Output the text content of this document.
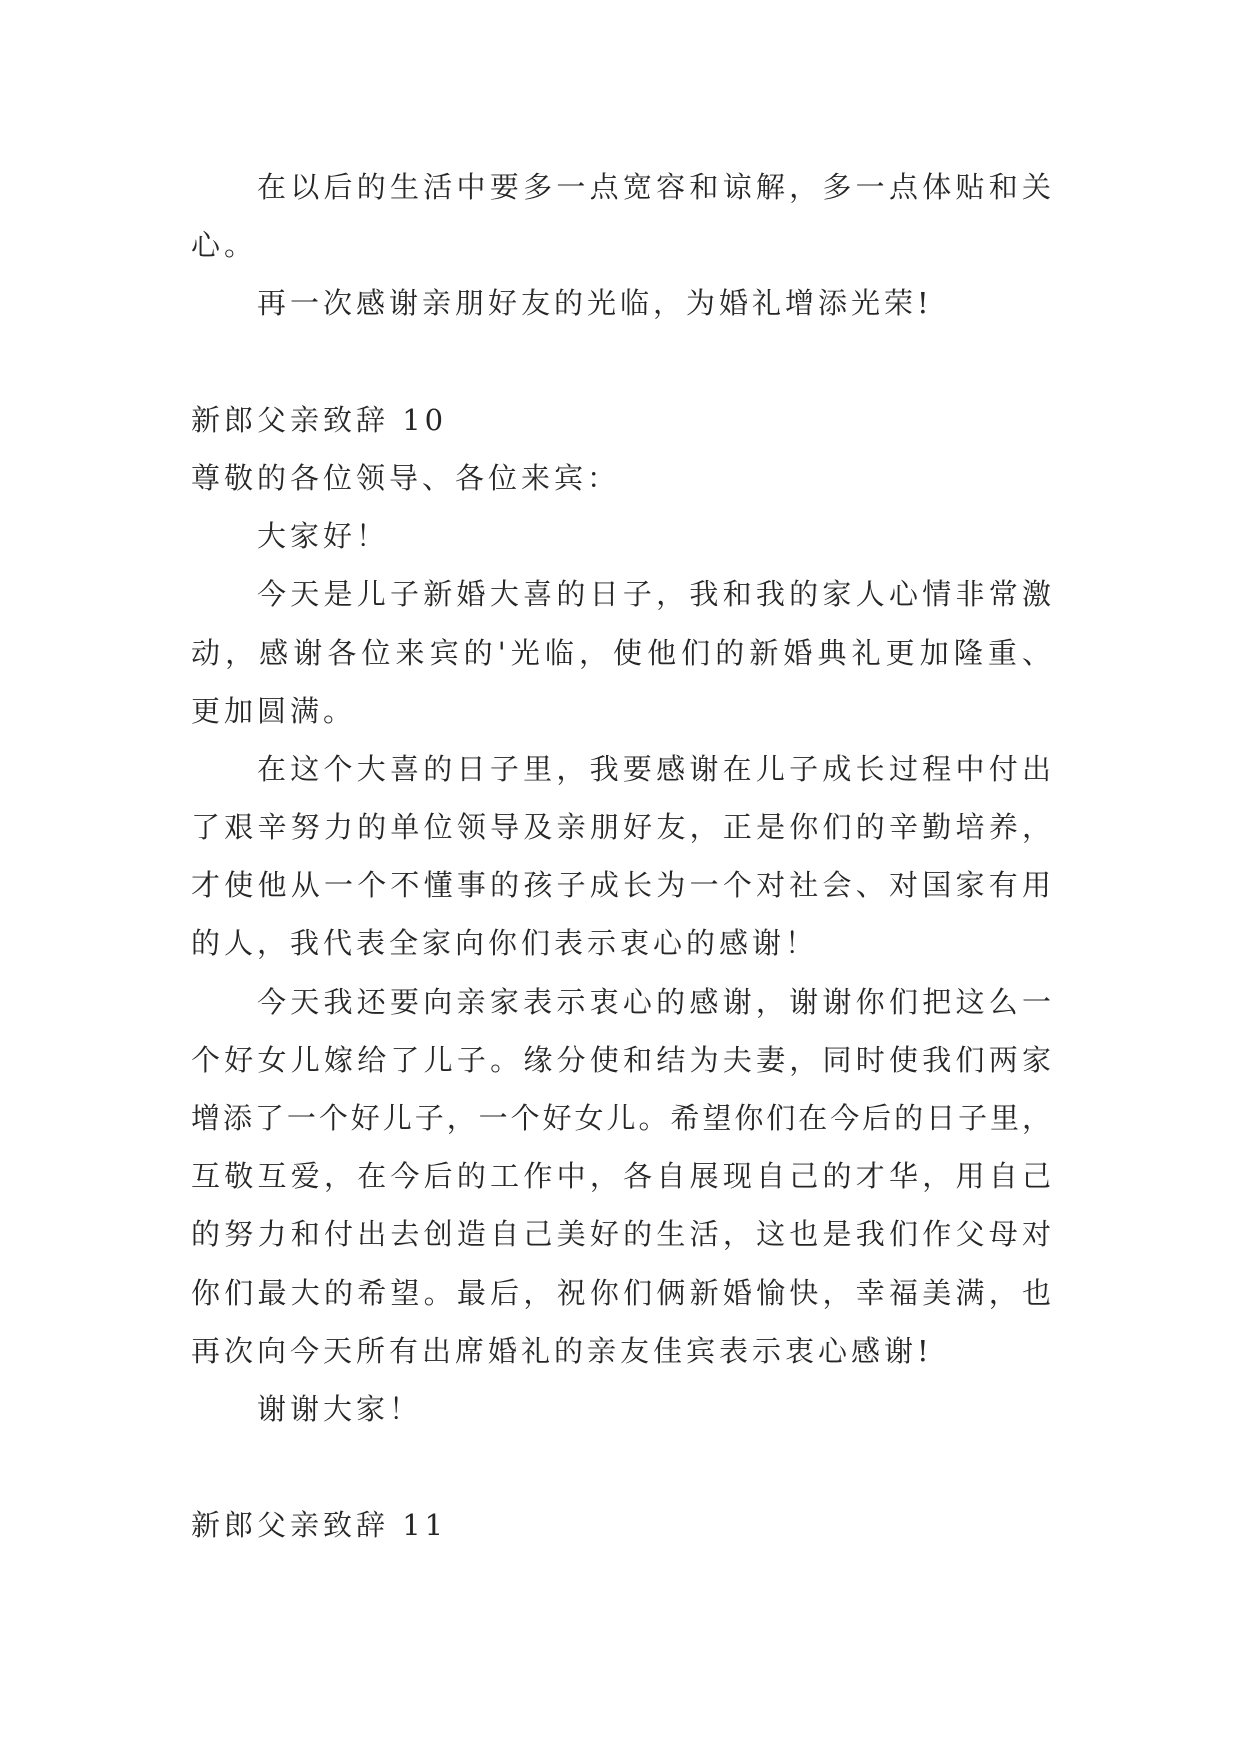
在以后的生活中要多一点宽容和谅解，多一点体贴和关
心。
再一次感谢亲朋好友的光临，为婚礼增添光荣!
新郎父亲致辞 10
尊敬的各位领导、各位来宾：
大家好！
今天是儿子新婚大喜的日子，我和我的家人心情非常激
动，感谢各位来宾的'光临，使他们的新婚典礼更加隆重、
更加圆满。
在这个大喜的日子里，我要感谢在儿子成长过程中付出
了艰辛努力的单位领导及亲朋好友，正是你们的辛勤培养，
才使他从一个不懂事的孩子成长为一个对社会、对国家有用
的人，我代表全家向你们表示衷心的感谢！
今天我还要向亲家表示衷心的感谢，谢谢你们把这么一
个好女儿嫁给了儿子。缘分使和结为夫妻，同时使我们两家
增添了一个好儿子，一个好女儿。希望你们在今后的日子里，
互敬互爱，在今后的工作中，各自展现自己的才华，用自己
的努力和付出去创造自己美好的生活，这也是我们作父母对
你们最大的希望。最后，祝你们俩新婚愉快，幸福美满，也
再次向今天所有出席婚礼的亲友佳宾表示衷心感谢!
谢谢大家！
新郎父亲致辞 11
